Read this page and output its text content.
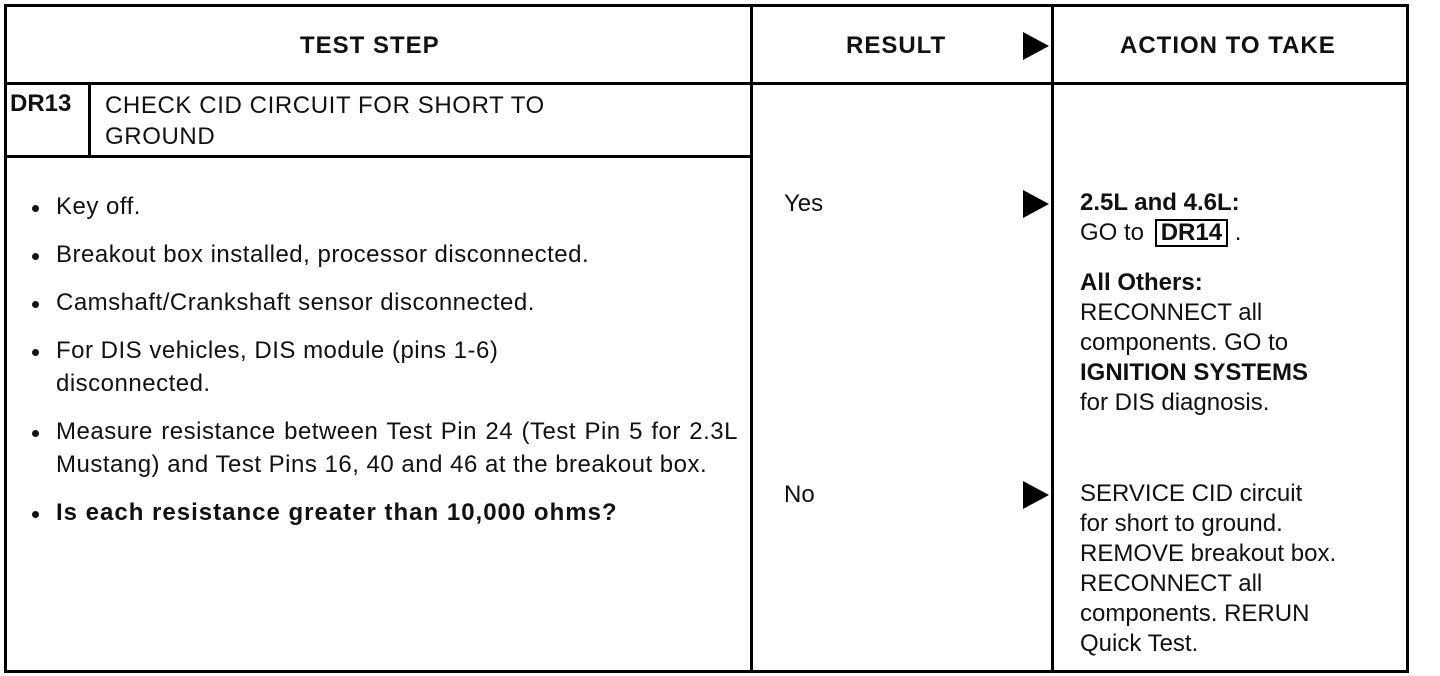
TEST STEP	RESULT	ACTION TO TAKE
DR13 CHECK CID CIRCUIT FOR SHORT TO
GROUND
Key off.
Breakout box installed, processor disconnected.
Camshaft/Crankshaft sensor disconnected.
For DIS vehicles, DIS module (pins 1-6) disconnected.
Measure resistance between Test Pin 24 (Test Pin 5 for 2.3L Mustang) and Test Pins 16, 40 and 46 at the breakout box.
Is each resistance greater than 10,000 ohms?
Yes
No
2.5L and 4.6L:
GO to DR14 .
All Others:
RECONNECT all
components. GO to
IGNITION SYSTEMS
for DIS diagnosis.
SERVICE CID circuit
for short to ground.
REMOVE breakout box.
RECONNECT all
components. RERUN
Quick Test.
